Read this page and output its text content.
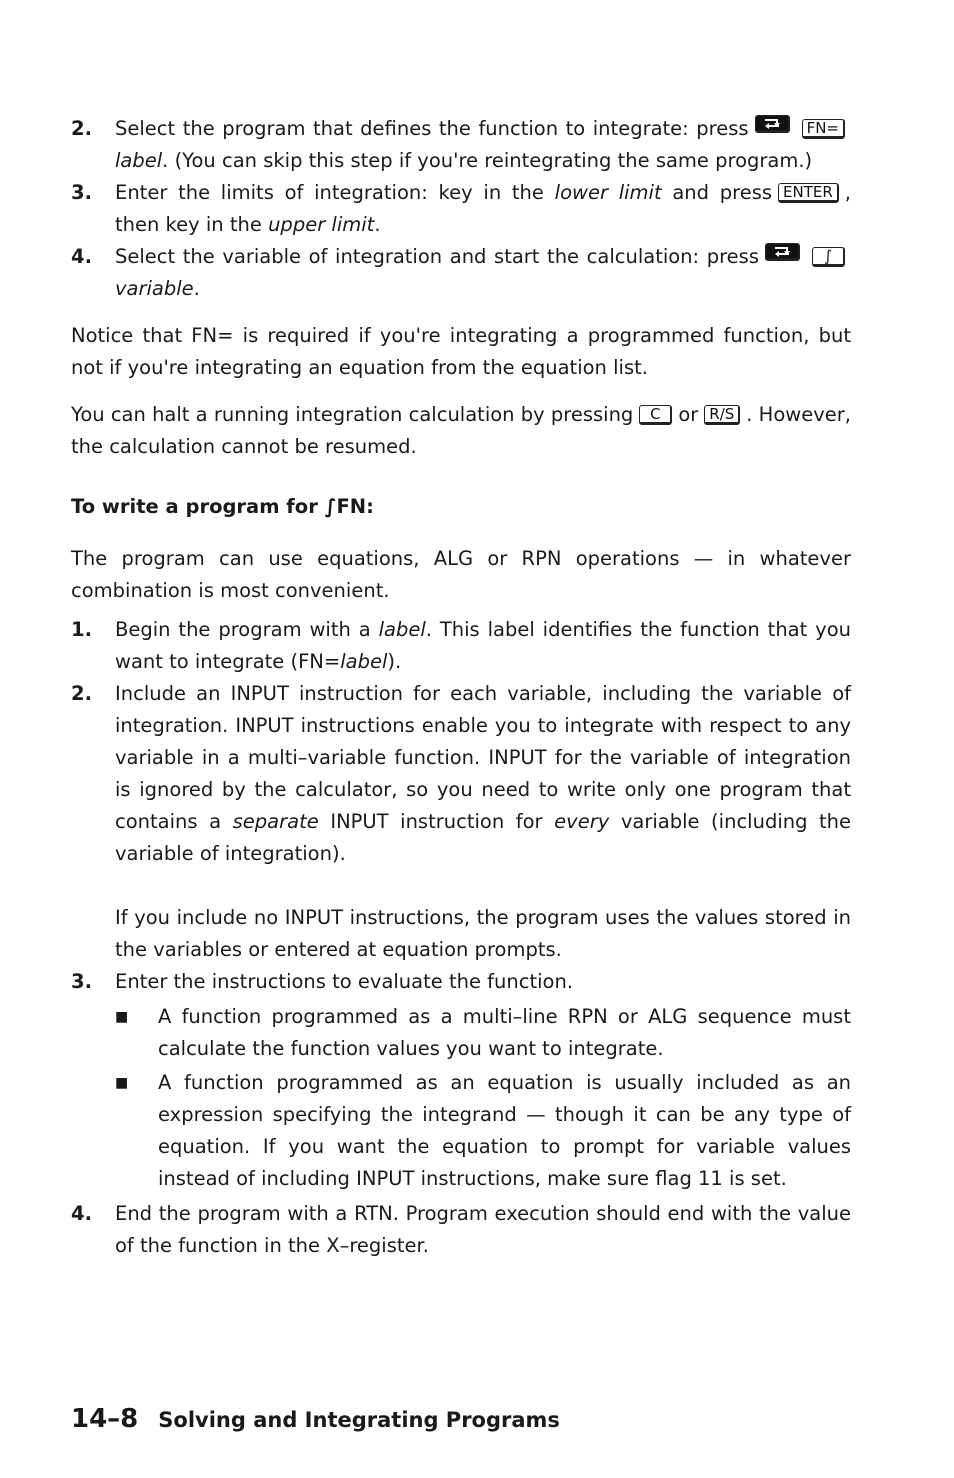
2.	Select the program that defines the function to integrate: press	FN= label. (You can skip this step if you're reintegrating the same program.)
3.	Enter the limits of integration: key in the lower limit and press ENTER , then key in the upper limit.
4.	Select the variable of integration and start the calculation: press	∫ variable.
Notice that FN= is required if you're integrating a programmed function, but not if you're integrating an equation from the equation list.
You can halt a running integration calculation by pressing C or R/S . However, the calculation cannot be resumed.
To write a program for ∫FN:
The program can use equations, ALG or RPN operations — in whatever combination is most convenient.
1.	Begin the program with a label. This label identifies the function that you want to integrate (FN=label).
2.	Include an INPUT instruction for each variable, including the variable of integration. INPUT instructions enable you to integrate with respect to any variable in a multi–variable function. INPUT for the variable of integration is ignored by the calculator, so you need to write only one program that contains a separate INPUT instruction for every variable (including the variable of integration).
If you include no INPUT instructions, the program uses the values stored in the variables or entered at equation prompts.
3.	Enter the instructions to evaluate the function.
■	A function programmed as a multi–line RPN or ALG sequence must calculate the function values you want to integrate.
■	A function programmed as an equation is usually included as an expression specifying the integrand — though it can be any type of equation. If you want the equation to prompt for variable values instead of including INPUT instructions, make sure flag 11 is set.
4.	End the program with a RTN. Program execution should end with the value of the function in the X–register.
14–8 Solving and Integrating Programs
